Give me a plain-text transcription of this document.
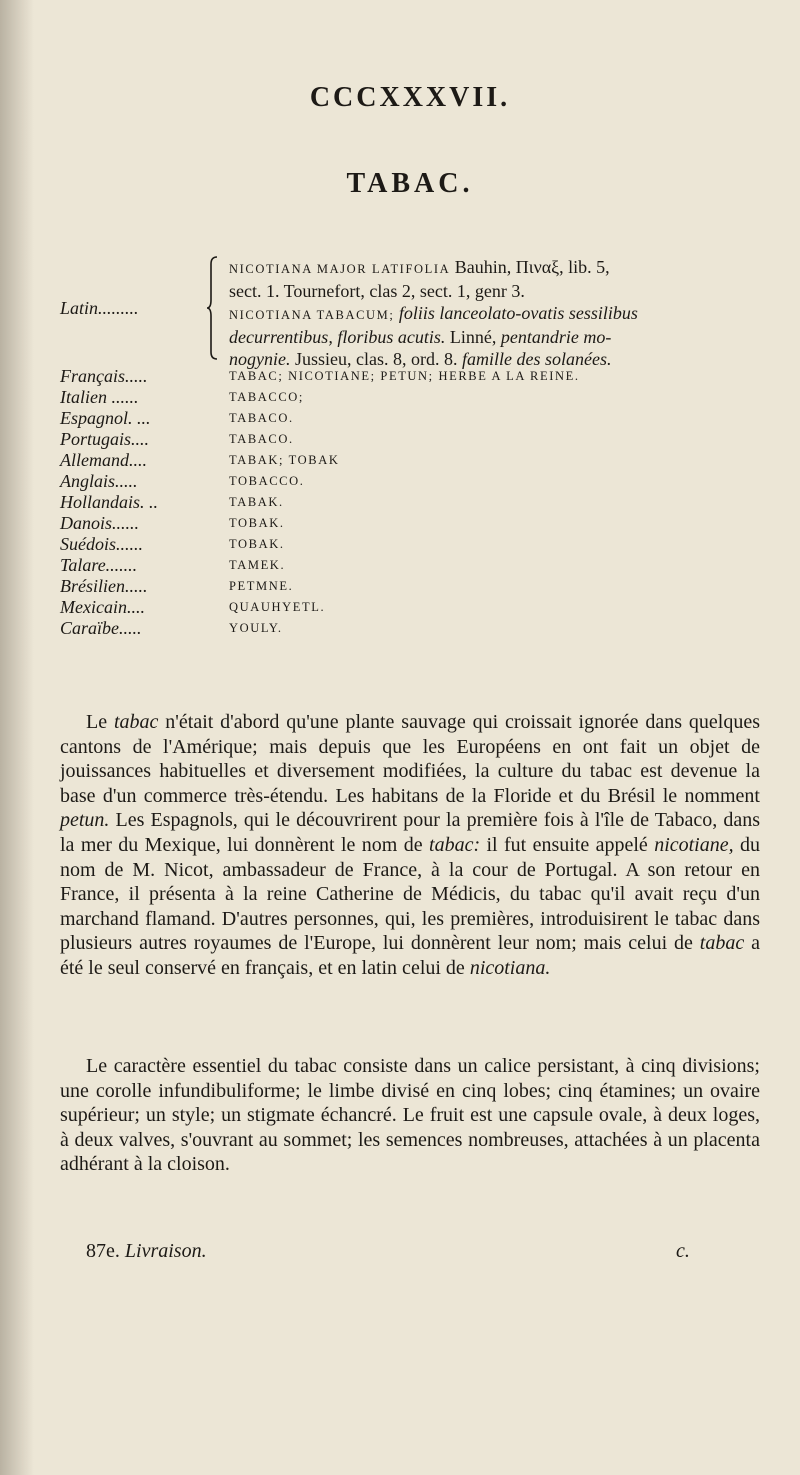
CCCXXXVII.
TABAC.
Latin.........
NICOTIANA MAJOR LATIFOLIA Bauhin, Πιναξ, lib. 5,
sect. 1. Tournefort, clas 2, sect. 1, genr 3.
NICOTIANA TABACUM; foliis lanceolato-ovatis sessilibus
decurrentibus, floribus acutis. Linné, pentandrie mo-
nogynie. Jussieu, clas. 8, ord. 8. famille des solanées.
Français.....	TABAC; NICOTIANE; PETUN; HERBE A LA REINE.
Italien ......	TABACCO;
Espagnol. ...	TABACO.
Portugais....	TABACO.
Allemand....	TABAK; TOBAK
Anglais.....	TOBACCO.
Hollandais. ..	TABAK.
Danois......	TOBAK.
Suédois......	TOBAK.
Talare.......	TAMEK.
Brésilien.....	PETMNE.
Mexicain....	QUAUHYETL.
Caraïbe.....	YOULY.

Le tabac n'était d'abord qu'une plante sauvage qui croissait ignorée dans quelques cantons de l'Amérique; mais depuis que les Européens en ont fait un objet de jouissances habituelles et diversement modifiées, la culture du tabac est devenue la base d'un commerce très-étendu. Les habitans de la Floride et du Brésil le nomment petun. Les Espagnols, qui le découvrirent pour la première fois à l'île de Tabaco, dans la mer du Mexique, lui donnèrent le nom de tabac: il fut ensuite appelé nicotiane, du nom de M. Nicot, ambassadeur de France, à la cour de Portugal. A son retour en France, il présenta à la reine Catherine de Médicis, du tabac qu'il avait reçu d'un marchand flamand. D'autres personnes, qui, les premières, introduisirent le tabac dans plusieurs autres royaumes de l'Europe, lui donnèrent leur nom; mais celui de tabac a été le seul conservé en français, et en latin celui de nicotiana.

Le caractère essentiel du tabac consiste dans un calice persistant, à cinq divisions; une corolle infundibuliforme; le limbe divisé en cinq lobes; cinq étamines; un ovaire supérieur; un style; un stigmate échancré. Le fruit est une capsule ovale, à deux loges, à deux valves, s'ouvrant au sommet; les semences nombreuses, attachées à un placenta adhérant à la cloison.

87e. Livraison.	c.
